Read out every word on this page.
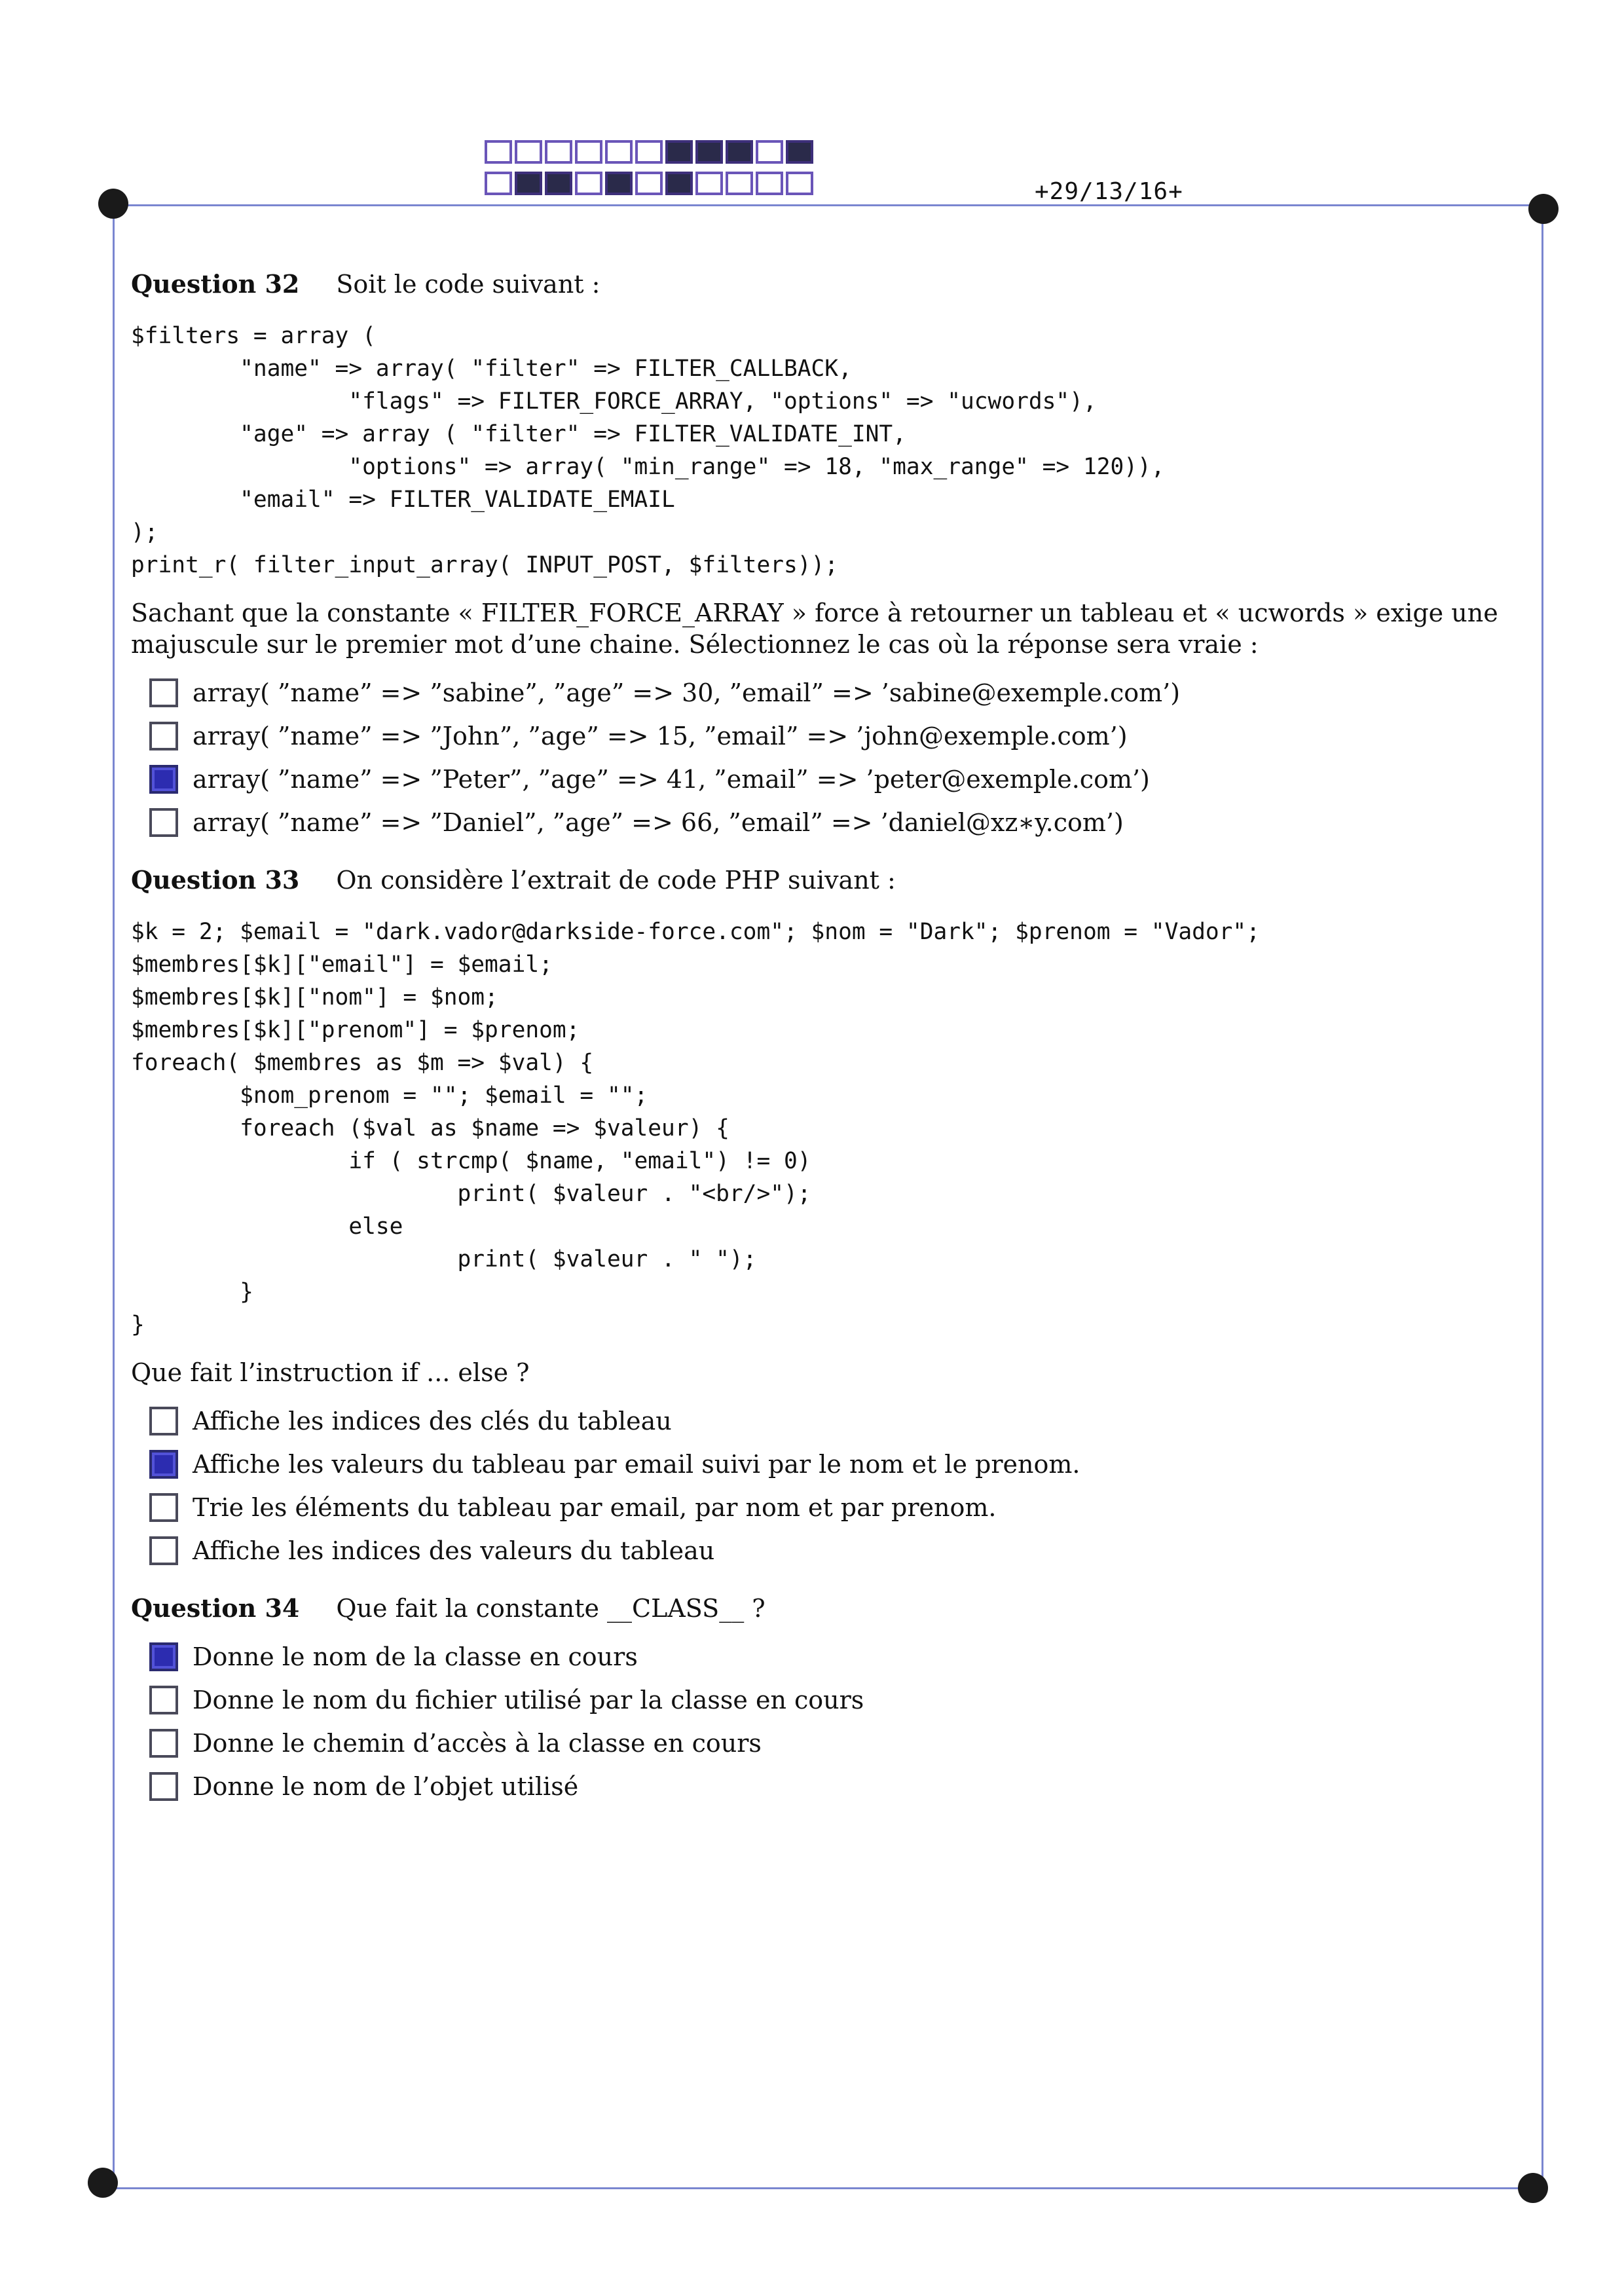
+29/13/16+

Question 32 Soit le code suivant :

$filters = array (
"name" => array( "filter" => FILTER_CALLBACK,
"flags" => FILTER_FORCE_ARRAY, "options" => "ucwords"),
"age" => array ( "filter" => FILTER_VALIDATE_INT,
"options" => array( "min_range" => 18, "max_range" => 120)),
"email" => FILTER_VALIDATE_EMAIL
);
print_r( filter_input_array( INPUT_POST, $filters));

Sachant que la constante « FILTER_FORCE_ARRAY » force à retourner un tableau et « ucwords » exige une majuscule sur le premier mot d’une chaine. Sélectionnez le cas où la réponse sera vraie :

array( ”name” => ”sabine”, ”age” => 30, ”email” => ’sabine@exemple.com’)
array( ”name” => ”John”, ”age” => 15, ”email” => ’john@exemple.com’)
array( ”name” => ”Peter”, ”age” => 41, ”email” => ’peter@exemple.com’)
array( ”name” => ”Daniel”, ”age” => 66, ”email” => ’daniel@xz∗y.com’)

Question 33 On considère l’extrait de code PHP suivant :

$k = 2; $email = "dark.vador@darkside-force.com"; $nom = "Dark"; $prenom = "Vador";
$membres[$k]["email"] = $email;
$membres[$k]["nom"] = $nom;
$membres[$k]["prenom"] = $prenom;
foreach( $membres as $m => $val) {
$nom_prenom = ""; $email = "";
foreach ($val as $name => $valeur) {
if ( strcmp( $name, "email") != 0)
print( $valeur . "<br/>");
else
print( $valeur . " ");
}
}

Que fait l’instruction if ... else ?

Affiche les indices des clés du tableau
Affiche les valeurs du tableau par email suivi par le nom et le prenom.
Trie les éléments du tableau par email, par nom et par prenom.
Affiche les indices des valeurs du tableau

Question 34 Que fait la constante __CLASS__ ?

Donne le nom de la classe en cours
Donne le nom du fichier utilisé par la classe en cours
Donne le chemin d’accès à la classe en cours
Donne le nom de l’objet utilisé
